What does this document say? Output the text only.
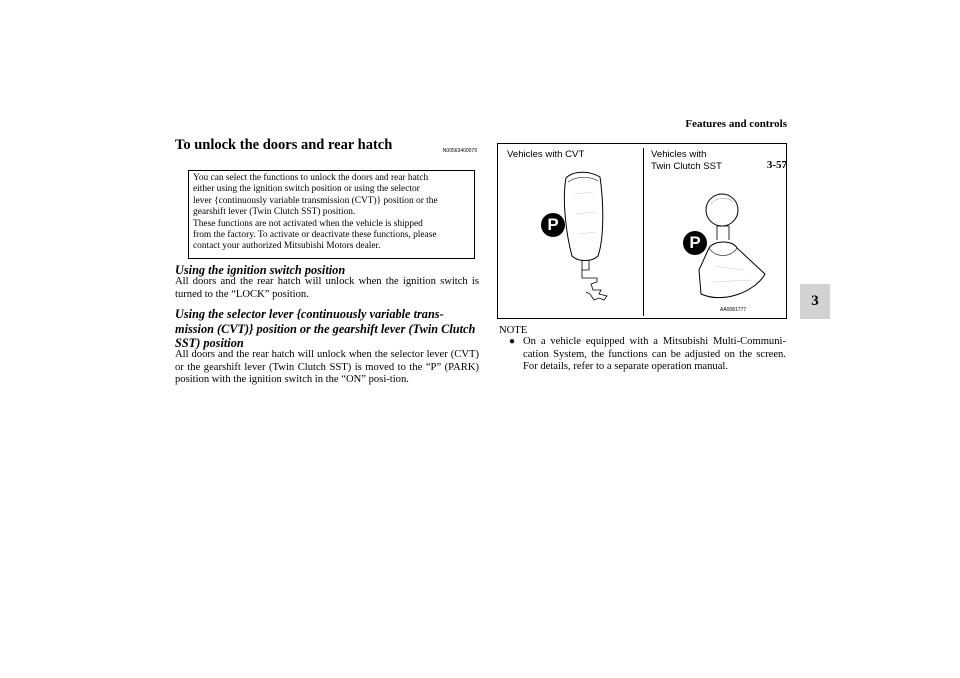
Features and controls
3-57
3
To unlock the doors and rear hatch	N00563400079
You can select the functions to unlock the doors and rear hatch
either using the ignition switch position or using the selector
lever {continuously variable transmission (CVT)} position or the
gearshift lever (Twin Clutch SST) position.
These functions are not activated when the vehicle is shipped
from the factory. To activate or deactivate these functions, please
contact your authorized Mitsubishi Motors dealer.
Using the ignition switch position
All doors and the rear hatch will unlock when the ignition switch is turned to the “LOCK” position.
Using the selector lever {continuously variable trans-mission (CVT)} position or the gearshift lever (Twin Clutch SST) position
All doors and the rear hatch will unlock when the selector lever (CVT) or the gearshift lever (Twin Clutch SST) is moved to the “P” (PARK) position with the ignition switch in the “ON” posi-tion.
Vehicles with CVT	Vehicles with
Twin Clutch SST
P
P
AA0081777
NOTE
● On a vehicle equipped with a Mitsubishi Multi-Communi-cation System, the functions can be adjusted on the screen. For details, refer to a separate operation manual.
